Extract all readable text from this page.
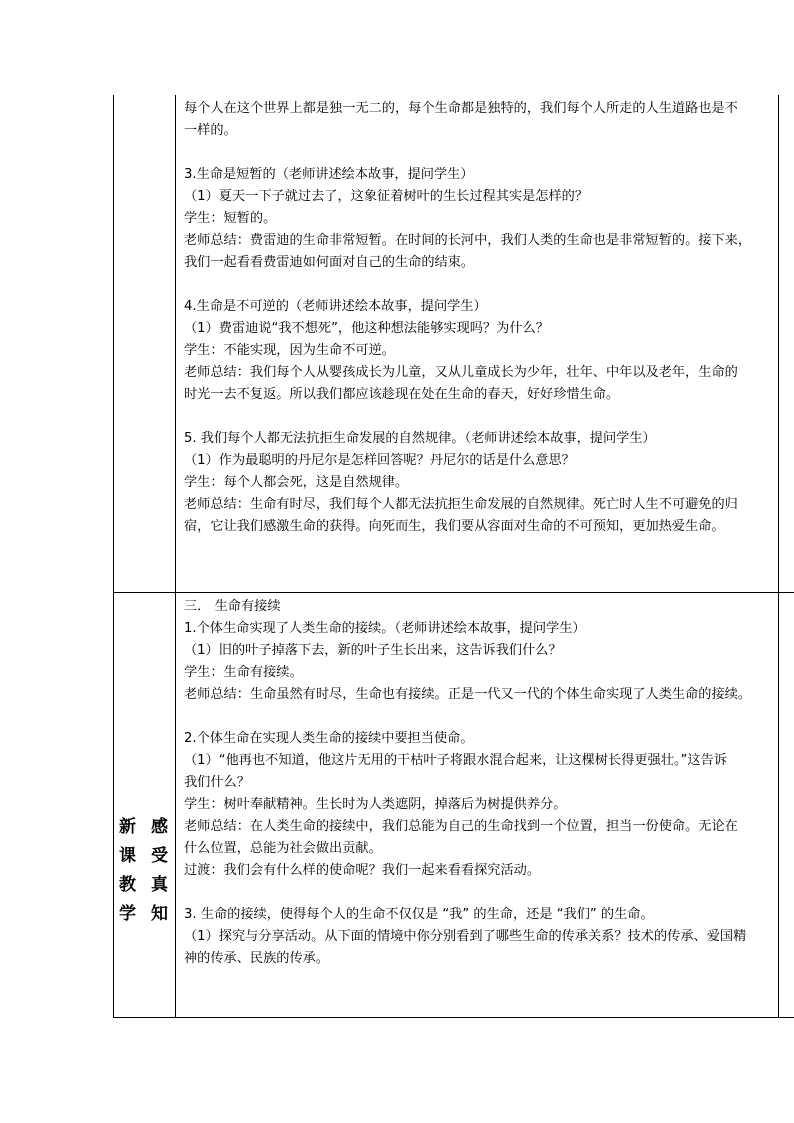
每个人在这个世界上都是独一无二的，每个生命都是独特的，我们每个人所走的人生道路也是不

一样的。

3.生命是短暂的（老师讲述绘本故事，提问学生）

（1）夏天一下子就过去了，这象征着树叶的生长过程其实是怎样的？

学生：短暂的。

老师总结：费雷迪的生命非常短暂。在时间的长河中，我们人类的生命也是非常短暂的。接下来，

我们一起看看费雷迪如何面对自己的生命的结束。

4.生命是不可逆的（老师讲述绘本故事，提问学生）

（1）费雷迪说“我不想死”，他这种想法能够实现吗？为什么？

学生：不能实现，因为生命不可逆。

老师总结：我们每个人从婴孩成长为儿童，又从儿童成长为少年，壮年、中年以及老年，生命的

时光一去不复返。所以我们都应该趁现在处在生命的春天，好好珍惜生命。

5. 我们每个人都无法抗拒生命发展的自然规律。（老师讲述绘本故事，提问学生）

（1）作为最聪明的丹尼尔是怎样回答呢？丹尼尔的话是什么意思？

学生：每个人都会死，这是自然规律。

老师总结：生命有时尽，我们每个人都无法抗拒生命发展的自然规律。死亡时人生不可避免的归

宿，它让我们感激生命的获得。向死而生，我们要从容面对生命的不可预知，更加热爱生命。

新
课
教
学
感
受
真
知

三． 生命有接续

1.个体生命实现了人类生命的接续。（老师讲述绘本故事，提问学生）

（1）旧的叶子掉落下去，新的叶子生长出来，这告诉我们什么？

学生：生命有接续。

老师总结：生命虽然有时尽，生命也有接续。正是一代又一代的个体生命实现了人类生命的接续。

2.个体生命在实现人类生命的接续中要担当使命。

（1）“他再也不知道，他这片无用的干枯叶子将跟水混合起来，让这棵树长得更强壮。”这告诉

我们什么？

学生：树叶奉献精神。生长时为人类遮阴，掉落后为树提供养分。

老师总结：在人类生命的接续中，我们总能为自己的生命找到一个位置，担当一份使命。无论在

什么位置，总能为社会做出贡献。

过渡：我们会有什么样的使命呢？我们一起来看看探究活动。

3. 生命的接续，使得每个人的生命不仅仅是 “我” 的生命，还是 “我们” 的生命。

（1）探究与分享活动。从下面的情境中你分别看到了哪些生命的传承关系？技术的传承、爱国精

神的传承、民族的传承。
